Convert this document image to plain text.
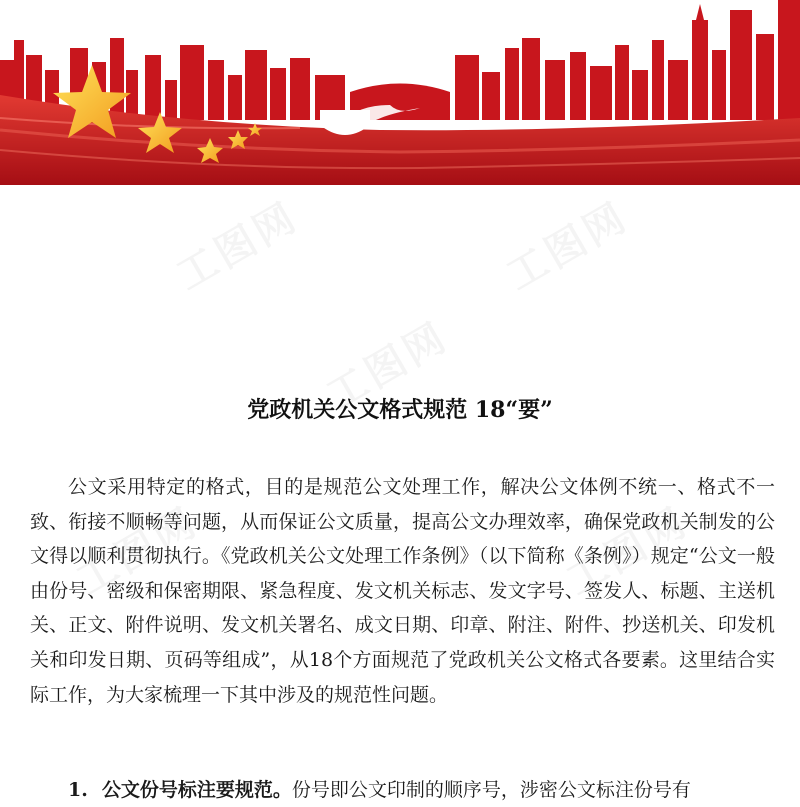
党政机关公文格式规范 18“要”

公文采用特定的格式，目的是规范公文处理工作，解决公文体例不统一、格式不一致、衔接不顺畅等问题，从而保证公文质量，提高公文办理效率，确保党政机关制发的公文得以顺利贯彻执行。《党政机关公文处理工作条例》（以下简称《条例》）规定“公文一般由份号、密级和保密期限、紧急程度、发文机关标志、发文字号、签发人、标题、主送机关、正文、附件说明、发文机关署名、成文日期、印章、附注、附件、抄送机关、印发机关和印发日期、页码等组成”，从18个方面规范了党政机关公文格式各要素。这里结合实际工作，为大家梳理一下其中涉及的规范性问题。

1. 公文份号标注要规范。份号即公文印制的顺序号，涉密公文标注份号有
